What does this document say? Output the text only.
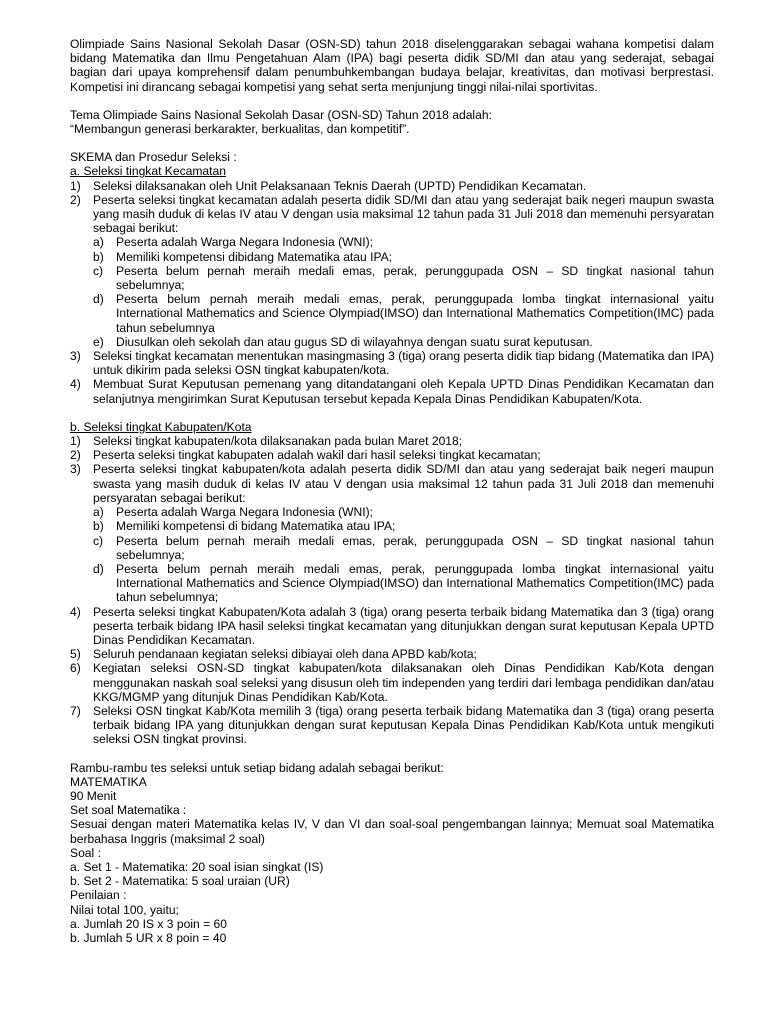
Olimpiade Sains Nasional Sekolah Dasar (OSN-SD) tahun 2018 diselenggarakan sebagai wahana kompetisi dalam bidang Matematika dan Ilmu Pengetahuan Alam (IPA) bagi peserta didik SD/MI dan atau yang sederajat, sebagai bagian dari upaya komprehensif dalam penumbuhkembangan budaya belajar, kreativitas, dan motivasi berprestasi. Kompetisi ini dirancang sebagai kompetisi yang sehat serta menjunjung tinggi nilai-nilai sportivitas.

Tema Olimpiade Sains Nasional Sekolah Dasar (OSN-SD) Tahun 2018 adalah:

“Membangun generasi berkarakter, berkualitas, dan kompetitif”.

SKEMA dan Prosedur Seleksi :

a. Seleksi tingkat Kecamatan

1)	Seleksi dilaksanakan oleh Unit Pelaksanaan Teknis Daerah (UPTD) Pendidikan Kecamatan.
2)	Peserta seleksi tingkat kecamatan adalah peserta didik SD/MI dan atau yang sederajat baik negeri maupun swasta yang masih duduk di kelas IV atau V dengan usia maksimal 12 tahun pada 31 Juli 2018 dan memenuhi persyaratan sebagai berikut:
a)	Peserta adalah Warga Negara Indonesia (WNI);
b)	Memiliki kompetensi dibidang Matematika atau IPA;
c)	Peserta belum pernah meraih medali emas, perak, perunggupada OSN – SD tingkat nasional tahun sebelumnya;
d)	Peserta belum pernah meraih medali emas, perak, perunggupada lomba tingkat internasional yaitu International Mathematics and Science Olympiad(IMSO) dan International Mathematics Competition(IMC) pada tahun sebelumnya
e)	Diusulkan oleh sekolah dan atau gugus SD di wilayahnya dengan suatu surat keputusan.
3)	Seleksi tingkat kecamatan menentukan masingmasing 3 (tiga) orang peserta didik tiap bidang (Matematika dan IPA) untuk dikirim pada seleksi OSN tingkat kabupaten/kota.
4)	Membuat Surat Keputusan pemenang yang ditandatangani oleh Kepala UPTD Dinas Pendidikan Kecamatan dan selanjutnya mengirimkan Surat Keputusan tersebut kepada Kepala Dinas Pendidikan Kabupaten/Kota.

b. Seleksi tingkat Kabupaten/Kota

1)	Seleksi tingkat kabupaten/kota dilaksanakan pada bulan Maret 2018;
2)	Peserta seleksi tingkat kabupaten adalah wakil dari hasil seleksi tingkat kecamatan;
3)	Peserta seleksi tingkat kabupaten/kota adalah peserta didik SD/MI dan atau yang sederajat baik negeri maupun swasta yang masih duduk di kelas IV atau V dengan usia maksimal 12 tahun pada 31 Juli 2018 dan memenuhi persyaratan sebagai berikut:
a)	Peserta adalah Warga Negara Indonesia (WNI);
b)	Memiliki kompetensi di bidang Matematika atau IPA;
c)	Peserta belum pernah meraih medali emas, perak, perunggupada OSN – SD tingkat nasional tahun sebelumnya;
d)	Peserta belum pernah meraih medali emas, perak, perunggupada lomba tingkat internasional yaitu International Mathematics and Science Olympiad(IMSO) dan International Mathematics Competition(IMC) pada tahun sebelumnya;
4)	Peserta seleksi tingkat Kabupaten/Kota adalah 3 (tiga) orang peserta terbaik bidang Matematika dan 3 (tiga) orang peserta terbaik bidang IPA hasil seleksi tingkat kecamatan yang ditunjukkan dengan surat keputusan Kepala UPTD Dinas Pendidikan Kecamatan.
5)	Seluruh pendanaan kegiatan seleksi dibiayai oleh dana APBD kab/kota;
6)	Kegiatan seleksi OSN-SD tingkat kabupaten/kota dilaksanakan oleh Dinas Pendidikan Kab/Kota dengan menggunakan naskah soal seleksi yang disusun oleh tim independen yang terdiri dari lembaga pendidikan dan/atau KKG/MGMP yang ditunjuk Dinas Pendidikan Kab/Kota.
7)	Seleksi OSN tingkat Kab/Kota memilih 3 (tiga) orang peserta terbaik bidang Matematika dan 3 (tiga) orang peserta terbaik bidang IPA yang ditunjukkan dengan surat keputusan Kepala Dinas Pendidikan Kab/Kota untuk mengikuti seleksi OSN tingkat provinsi.

Rambu-rambu tes seleksi untuk setiap bidang adalah sebagai berikut:

MATEMATIKA

90 Menit

Set soal Matematika :

Sesuai dengan materi Matematika kelas IV, V dan VI dan soal-soal pengembangan lainnya; Memuat soal Matematika berbahasa Inggris (maksimal 2 soal)

Soal :

a. Set 1 - Matematika: 20 soal isian singkat (IS)

b. Set 2 - Matematika: 5 soal uraian (UR)

Penilaian :

Nilai total 100, yaitu;

a. Jumlah 20 IS x 3 poin = 60

b. Jumlah 5 UR x 8 poin = 40
